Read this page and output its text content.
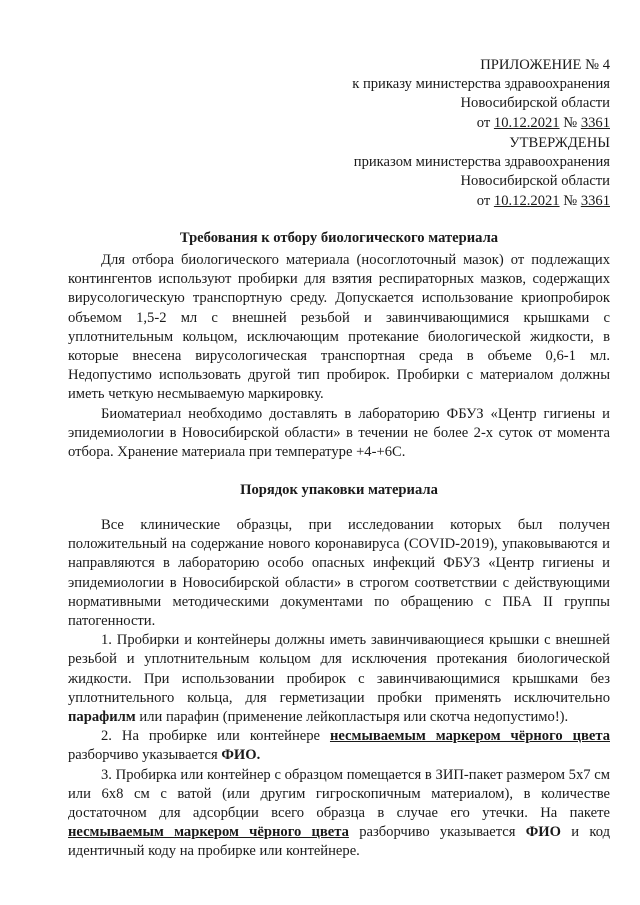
ПРИЛОЖЕНИЕ № 4
к приказу министерства здравоохранения
Новосибирской области
от 10.12.2021 № 3361
УТВЕРЖДЕНЫ
приказом министерства здравоохранения
Новосибирской области
от 10.12.2021 № 3361
Требования к отбору биологического материала

Для отбора биологического материала (носоглоточный мазок) от подлежащих контингентов используют пробирки для взятия респираторных мазков, содержащих вирусологическую транспортную среду. Допускается использование криопробирок объемом 1,5-2 мл с внешней резьбой и завинчивающимися крышками с уплотнительным кольцом, исключающим протекание биологической жидкости, в которые внесена вирусологическая транспортная среда в объеме 0,6-1 мл. Недопустимо использовать другой тип пробирок. Пробирки с материалом должны иметь четкую несмываемую маркировку.

Биоматериал необходимо доставлять в лабораторию ФБУЗ «Центр гигиены и эпидемиологии в Новосибирской области» в течении не более 2-х суток от момента отбора. Хранение материала при температуре +4-+6С.

Порядок упаковки материала

Все клинические образцы, при исследовании которых был получен положительный на содержание нового коронавируса (COVID-2019), упаковываются и направляются в лабораторию особо опасных инфекций ФБУЗ «Центр гигиены и эпидемиологии в Новосибирской области» в строгом соответствии с действующими нормативными методическими документами по обращению с ПБА II группы патогенности.

1. Пробирки и контейнеры должны иметь завинчивающиеся крышки с внешней резьбой и уплотнительным кольцом для исключения протекания биологической жидкости. При использовании пробирок с завинчивающимися крышками без уплотнительного кольца, для герметизации пробки применять исключительно парафилм или парафин (применение лейкопластыря или скотча недопустимо!).

2. На пробирке или контейнере несмываемым маркером чёрного цвета разборчиво указывается ФИО.

3. Пробирка или контейнер с образцом помещается в ЗИП-пакет размером 5х7 см или 6х8 см с ватой (или другим гигроскопичным материалом), в количестве достаточном для адсорбции всего образца в случае его утечки. На пакете несмываемым маркером чёрного цвета разборчиво указывается ФИО и код идентичный коду на пробирке или контейнере.
